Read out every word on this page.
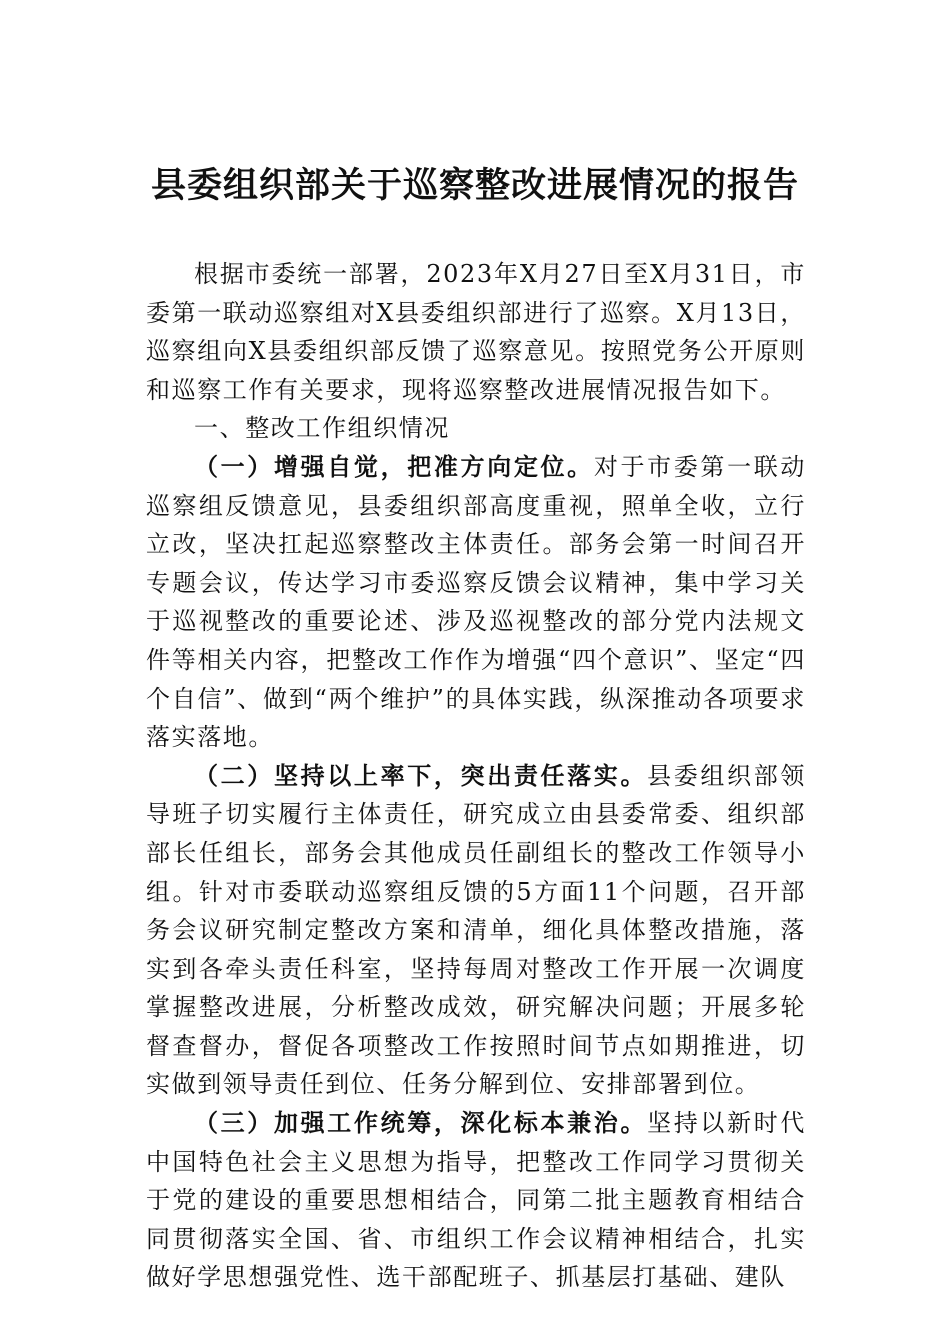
县委组织部关于巡察整改进展情况的报告

根据市委统一部署，2023年X月27日至X月31日，市委第一联动巡察组对X县委组织部进行了巡察。X月13日，巡察组向X县委组织部反馈了巡察意见。按照党务公开原则和巡察工作有关要求，现将巡察整改进展情况报告如下。

一、整改工作组织情况

（一）增强自觉，把准方向定位。对于市委第一联动巡察组反馈意见，县委组织部高度重视，照单全收，立行立改，坚决扛起巡察整改主体责任。部务会第一时间召开专题会议，传达学习市委巡察反馈会议精神，集中学习关于巡视整改的重要论述、涉及巡视整改的部分党内法规文件等相关内容，把整改工作作为增强“四个意识”、坚定“四个自信”、做到“两个维护”的具体实践，纵深推动各项要求落实落地。

（二）坚持以上率下，突出责任落实。县委组织部领导班子切实履行主体责任，研究成立由县委常委、组织部部长任组长，部务会其他成员任副组长的整改工作领导小组。针对市委联动巡察组反馈的5方面11个问题，召开部务会议研究制定整改方案和清单，细化具体整改措施，落实到各牵头责任科室，坚持每周对整改工作开展一次调度掌握整改进展，分析整改成效，研究解决问题；开展多轮督查督办，督促各项整改工作按照时间节点如期推进，切实做到领导责任到位、任务分解到位、安排部署到位。

（三）加强工作统筹，深化标本兼治。坚持以新时代中国特色社会主义思想为指导，把整改工作同学习贯彻关于党的建设的重要思想相结合，同第二批主题教育相结合同贯彻落实全国、省、市组织工作会议精神相结合，扎实做好学思想强党性、选干部配班子、抓基层打基础、建队
